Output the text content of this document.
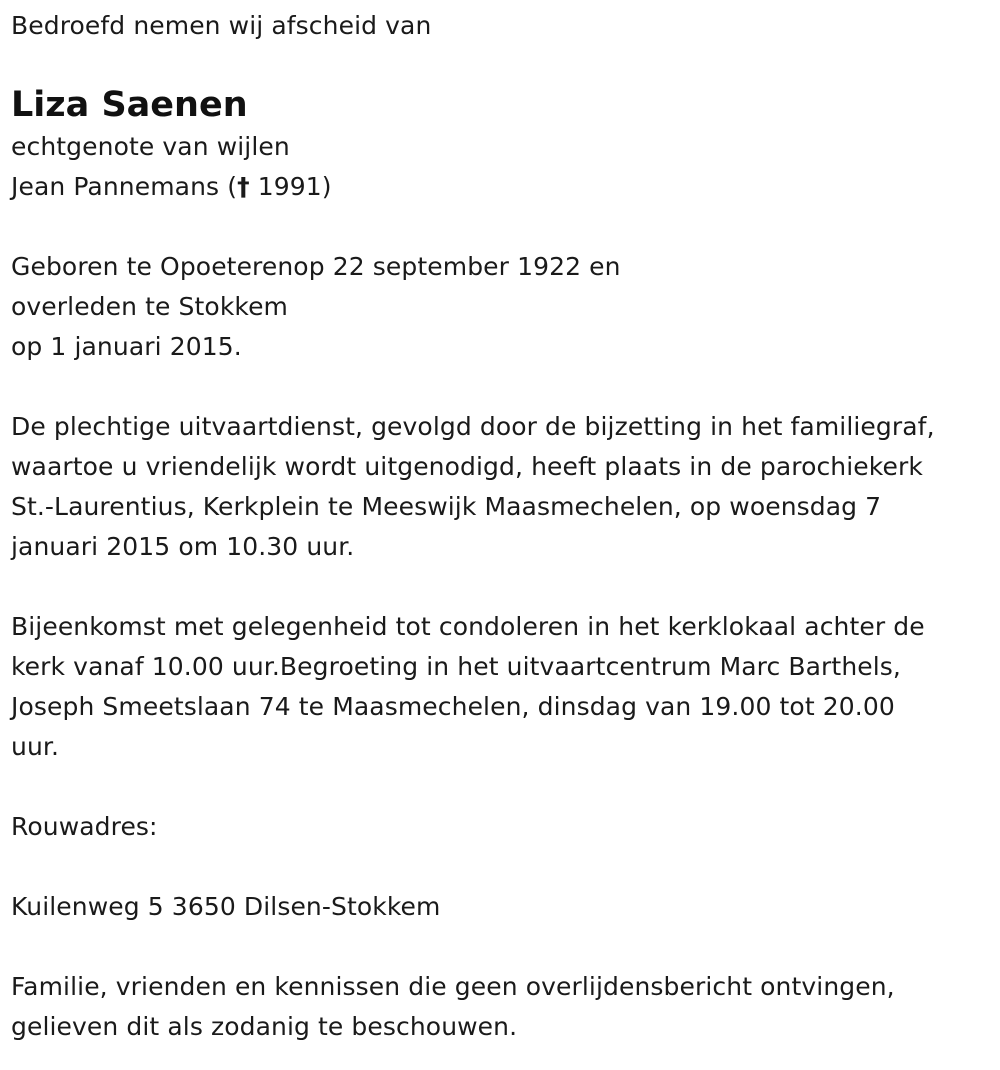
Bedroefd nemen wij afscheid van
Liza Saenen
echtgenote van wijlen
Jean Pannemans († 1991)
Geboren te Opoeterenop 22 september 1922 en
overleden te Stokkem
op 1 januari 2015.
De plechtige uitvaartdienst, gevolgd door de bijzetting in het familiegraf,
waartoe u vriendelijk wordt uitgenodigd, heeft plaats in de parochiekerk
St.-Laurentius, Kerkplein te Meeswijk Maasmechelen, op woensdag 7
januari 2015 om 10.30 uur.
Bijeenkomst met gelegenheid tot condoleren in het kerklokaal achter de
kerk vanaf 10.00 uur.Begroeting in het uitvaartcentrum Marc Barthels,
Joseph Smeetslaan 74 te Maasmechelen, dinsdag van 19.00 tot 20.00
uur.
Rouwadres:
Kuilenweg 5 3650 Dilsen-Stokkem
Familie, vrienden en kennissen die geen overlijdensbericht ontvingen,
gelieven dit als zodanig te beschouwen.
